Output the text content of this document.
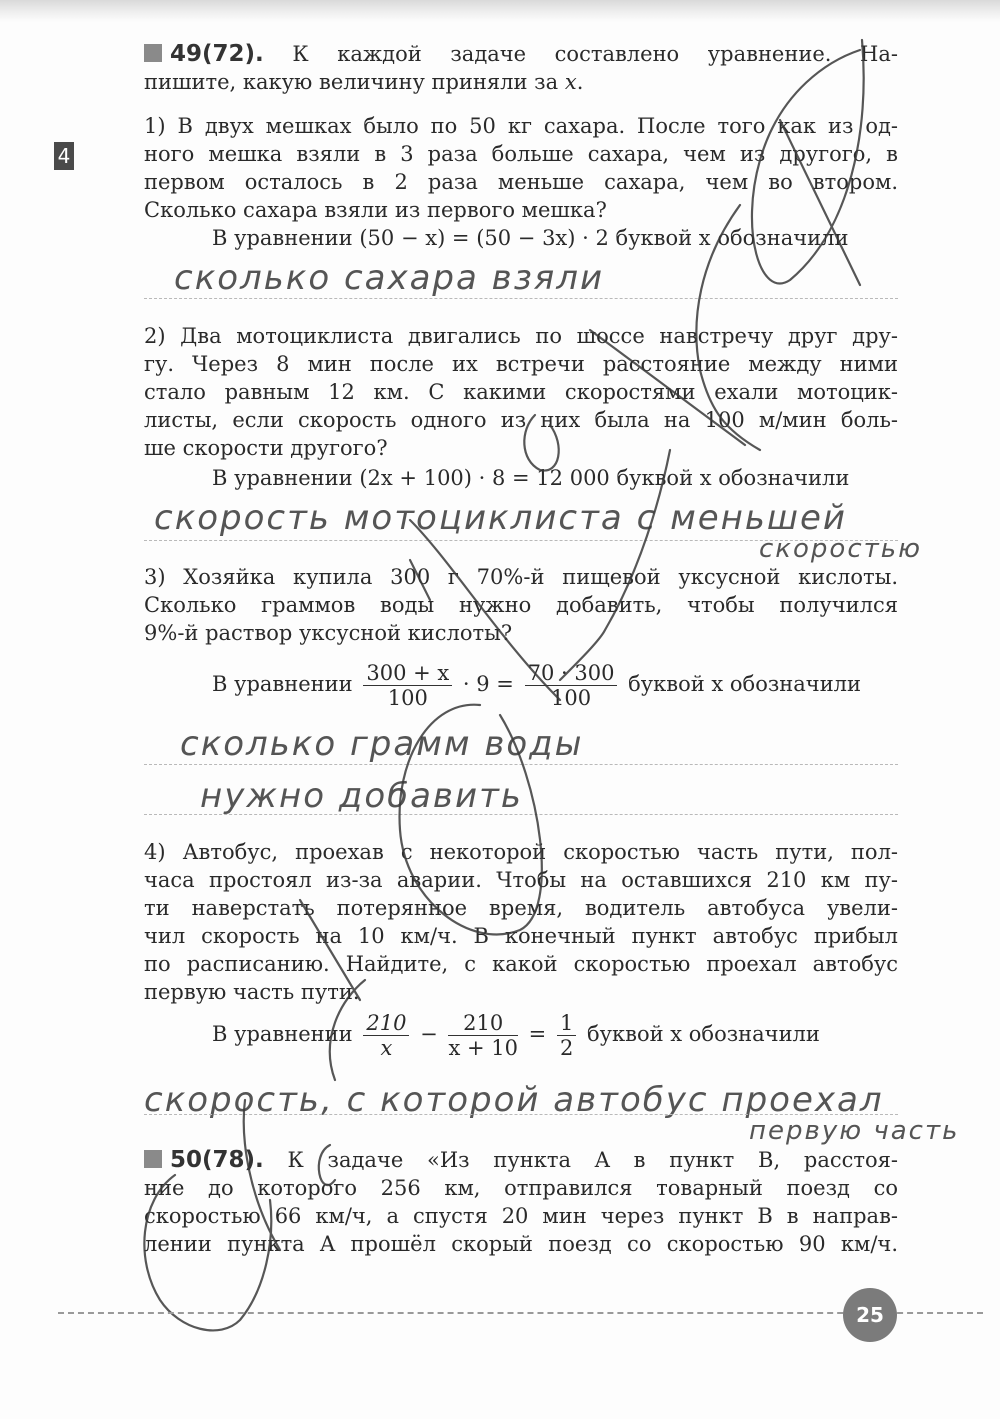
4
49(72). К каждой задаче составлено уравнение. На-
пишите, какую величину приняли за x.
1) В двух мешках было по 50 кг сахара. После того как из од-
ного мешка взяли в 3 раза больше сахара, чем из другого, в
первом осталось в 2 раза меньше сахара, чем во втором.
Сколько сахара взяли из первого мешка?
В уравнении (50 − x) = (50 − 3x) · 2 буквой x обозначили
сколько сахара взяли
2) Два мотоциклиста двигались по шоссе навстречу друг дру-
гу. Через 8 мин после их встречи расстояние между ними
стало равным 12 км. С какими скоростями ехали мотоцик-
листы, если скорость одного из них была на 100 м/мин боль-
ше скорости другого?
В уравнении (2x + 100) · 8 = 12 000 буквой x обозначили
скорость мотоциклиста с меньшей
скоростью
3) Хозяйка купила 300 г 70%-й пищевой уксусной кислоты.
Сколько граммов воды нужно добавить, чтобы получился
9%-й раствор уксусной кислоты?
В уравнении $\frac{300 + x}{100} \cdot 9 = \frac{70 \cdot 300}{100}$ буквой x обозначили
сколько грамм воды
нужно добавить
4) Автобус, проехав с некоторой скоростью часть пути, пол-
часа простоял из-за аварии. Чтобы на оставшихся 210 км пу-
ти наверстать потерянное время, водитель автобуса увели-
чил скорость на 10 км/ч. В конечный пункт автобус прибыл
по расписанию. Найдите, с какой скоростью проехал автобус
первую часть пути.
В уравнении $\frac{210}{x} - \frac{210}{x + 10} = \frac{1}{2}$ буквой x обозначили
скорость, с которой автобус проехал
первую часть
50(78). К задаче «Из пункта A в пункт B, расстоя-
ние до которого 256 км, отправился товарный поезд со
скоростью 66 км/ч, а спустя 20 мин через пункт B в направ-
лении пункта A прошёл скорый поезд со скоростью 90 км/ч.
25
